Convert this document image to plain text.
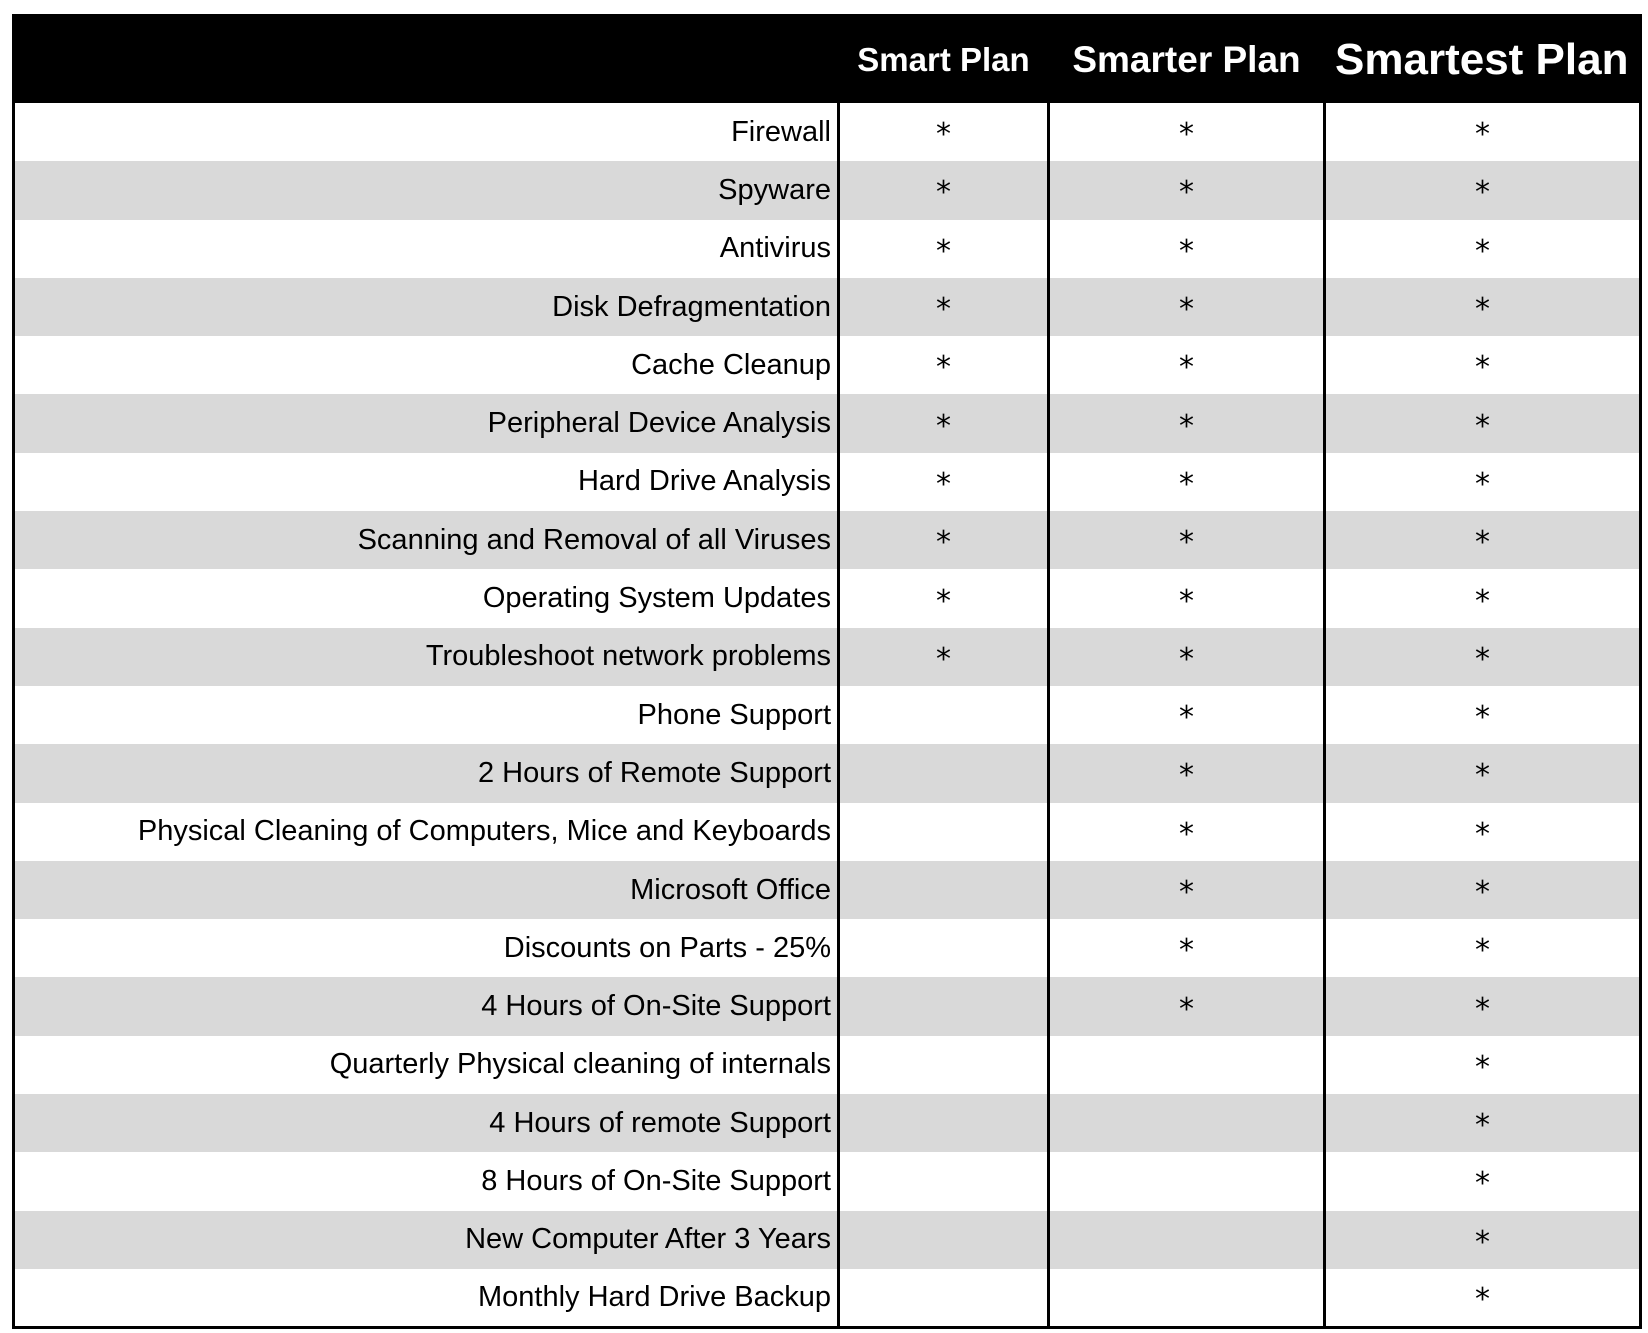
	Smart Plan	Smarter Plan	Smartest Plan
Firewall	*	*	*
Spyware	*	*	*
Antivirus	*	*	*
Disk Defragmentation	*	*	*
Cache Cleanup	*	*	*
Peripheral Device Analysis	*	*	*
Hard Drive Analysis	*	*	*
Scanning and Removal of all Viruses	*	*	*
Operating System Updates	*	*	*
Troubleshoot network problems	*	*	*
Phone Support		*	*
2 Hours of Remote Support		*	*
Physical Cleaning of Computers, Mice and Keyboards		*	*
Microsoft Office		*	*
Discounts on Parts - 25%		*	*
4 Hours of On-Site Support		*	*
Quarterly Physical cleaning of internals			*
4 Hours of remote Support			*
8 Hours of On-Site Support			*
New Computer After 3 Years			*
Monthly Hard Drive Backup			*
